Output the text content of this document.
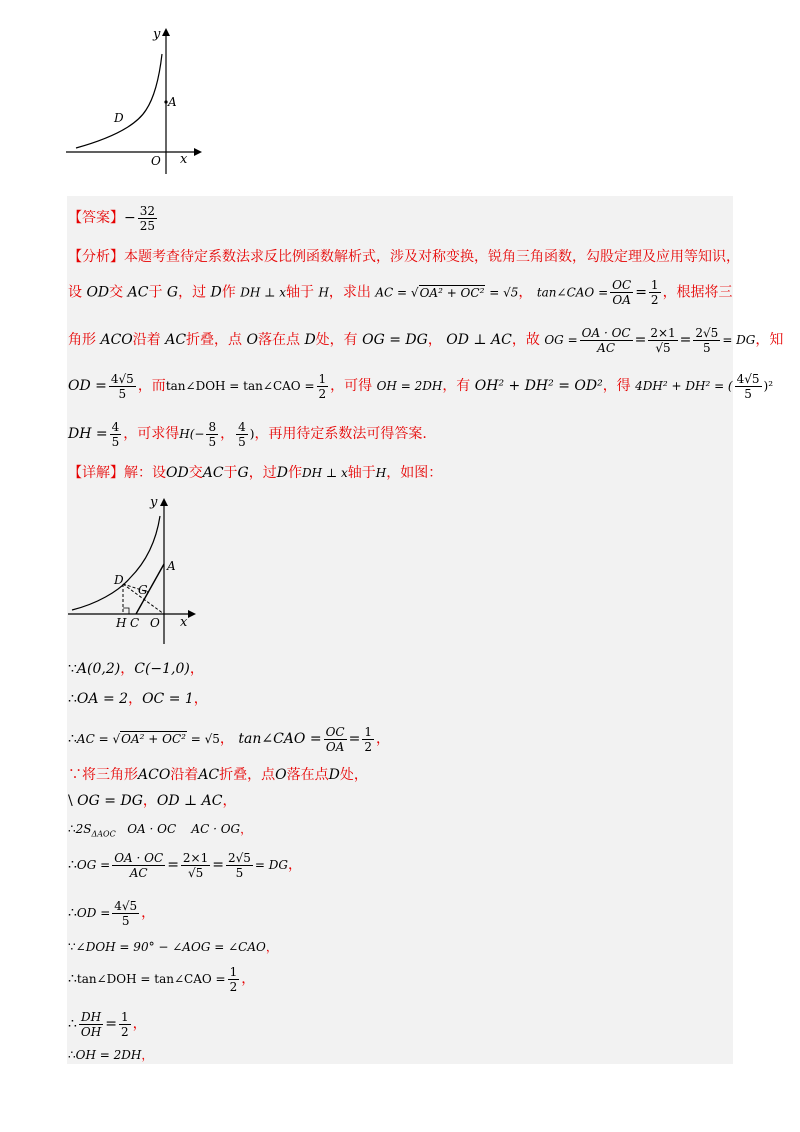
y
x
A
D
O
【答案】− $\frac{32}{25}$
【分析】本题考查待定系数法求反比例函数解析式，涉及对称变换，锐角三角函数，勾股定理及应用等知识，
设 OD交 AC于 G，过 D作 DH ⊥ x轴于 H，求出 AC = √OA² + OC² = √5， tan∠CAO = $\frac{OC}{OA} = \frac{1}{2}$ ，根据将三
角形 ACO沿着 AC折叠，点 O落在点 D处，有 OG = DG， OD ⊥ AC，故 OG = $\frac{OA \cdot OC}{AC} = \frac{2\times 1}{√5} = \frac{2√5}{5}$ = DG，知
OD = $\frac{4√5}{5}$ ，而tan∠DOH = tan∠CAO = $\frac{1}{2}$ ，可得 OH = 2DH，有 OH² + DH² = OD²，得 4DH² + DH² = ( $\frac{4√5}{5} )^2$
DH = $\frac{4}{5}$ ，可求得$H(- \frac{8}{5}$ ， $\frac{4}{5}$ )，再用待定系数法可得答案.
【详解】解：设OD交AC于G，过D作DH ⊥ x轴于H，如图：
y
x
A
D
G
H C O
∵A(0,2)，C(−1,0)，
∴OA = 2，OC = 1，
∴AC = √OA² + OC² = √5， tan∠CAO = $\frac{OC}{OA} = \frac{1}{2}$ ，
∵将三角形ACO沿着AC折叠，点O落在点D处，
\ OG = DG，OD ⊥ AC，
$\therefore 2S_{\Delta AOC}$ OA · OC    AC · OG，
∴OG = $\frac{OA \cdot OC}{AC} = \frac{2\times 1}{√5} = \frac{2√5}{5}$ = DG，
∴OD = $\frac{4√5}{5}$ ，
∵∠DOH = 90° − ∠AOG = ∠CAO，
∴tan∠DOH = tan∠CAO = $\frac{1}{2}$ ，
∴ $\frac{DH}{OH} = \frac{1}{2}$ ，
∴OH = 2DH，
